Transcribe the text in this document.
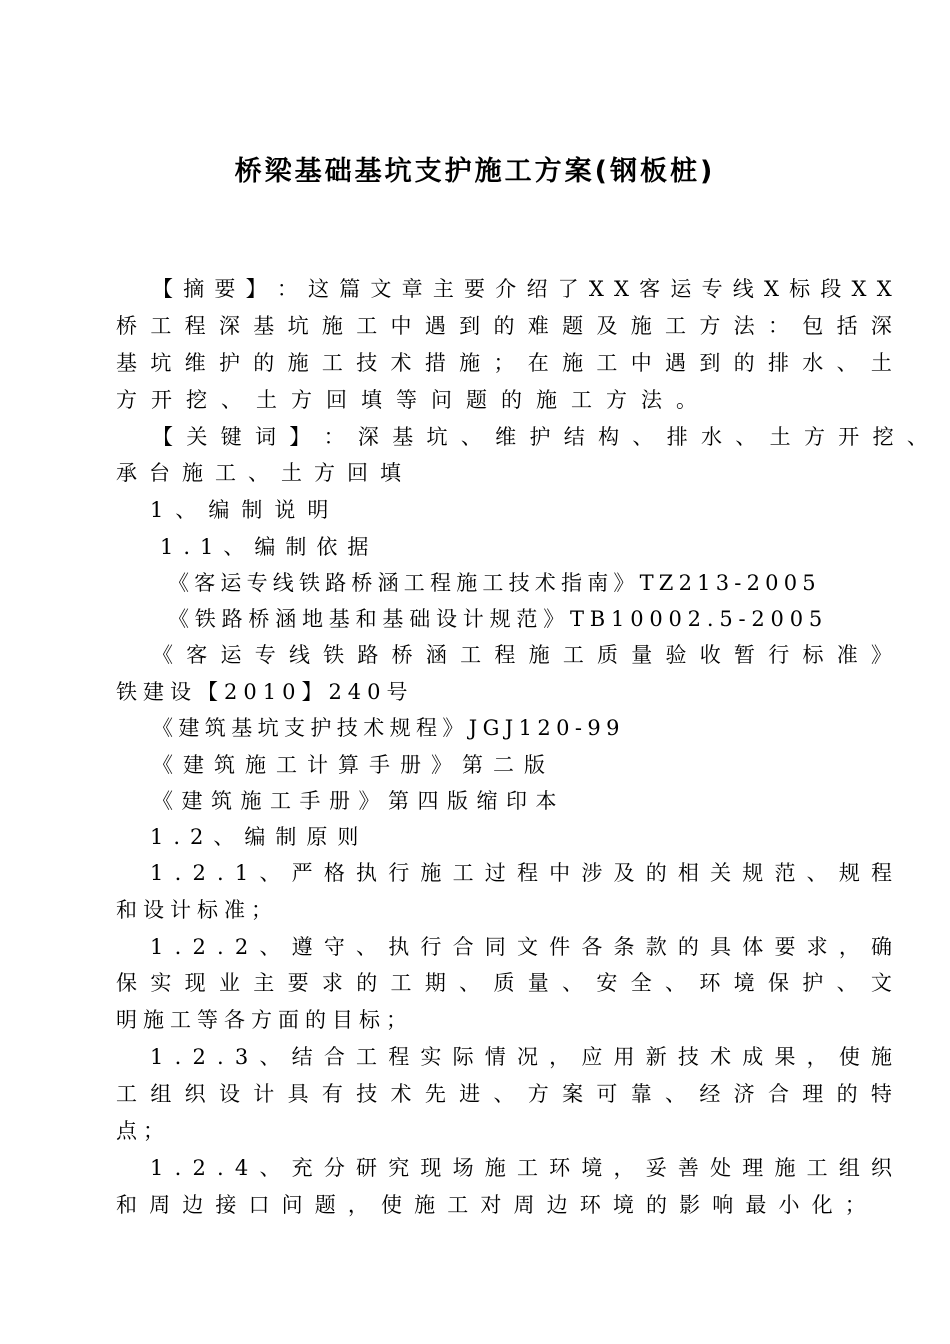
桥梁基础基坑支护施工方案(钢板桩)
【 摘 要 】 ： 这 篇 文 章 主 要 介 绍 了 X X 客 运 专 线 X 标 段 X X
桥 工 程 深 基 坑 施 工 中 遇 到 的 难 题 及 施 工 方 法 ： 包 括 深
基 坑 维 护 的 施 工 技 术 措 施 ； 在 施 工 中 遇 到 的 排 水 、 土
方开挖、土方回填等问题的施工方法。
【 关 键 词 】 ： 深 基 坑 、 维 护 结 构 、 排 水 、 土 方 开 挖 、
承台施工、土方回填
1、编制说明
1.1、编制依据
《客运专线铁路桥涵工程施工技术指南》TZ213-2005
《铁路桥涵地基和基础设计规范》TB10002.5-2005
《 客 运 专 线 铁 路 桥 涵 工 程 施 工 质 量 验 收 暂 行 标 准 》
铁建设【2010】240号
《建筑基坑支护技术规程》JGJ120-99
《建筑施工计算手册》第二版
《建筑施工手册》第四版缩印本
1.2、编制原则
1 . 2 . 1 、 严 格 执 行 施 工 过 程 中 涉 及 的 相 关 规 范 、 规 程
和设计标准；
1 . 2 . 2 、 遵 守 、 执 行 合 同 文 件 各 条 款 的 具 体 要 求 ， 确
保 实 现 业 主 要 求 的 工 期 、 质 量 、 安 全 、 环 境 保 护 、 文
明施工等各方面的目标；
1 . 2 . 3 、 结 合 工 程 实 际 情 况 ， 应 用 新 技 术 成 果 ， 使 施
工 组 织 设 计 具 有 技 术 先 进 、 方 案 可 靠 、 经 济 合 理 的 特
点；
1 . 2 . 4 、 充 分 研 究 现 场 施 工 环 境 ， 妥 善 处 理 施 工 组 织
和 周 边 接 口 问 题 ， 使 施 工 对 周 边 环 境 的 影 响 最 小 化 ；
